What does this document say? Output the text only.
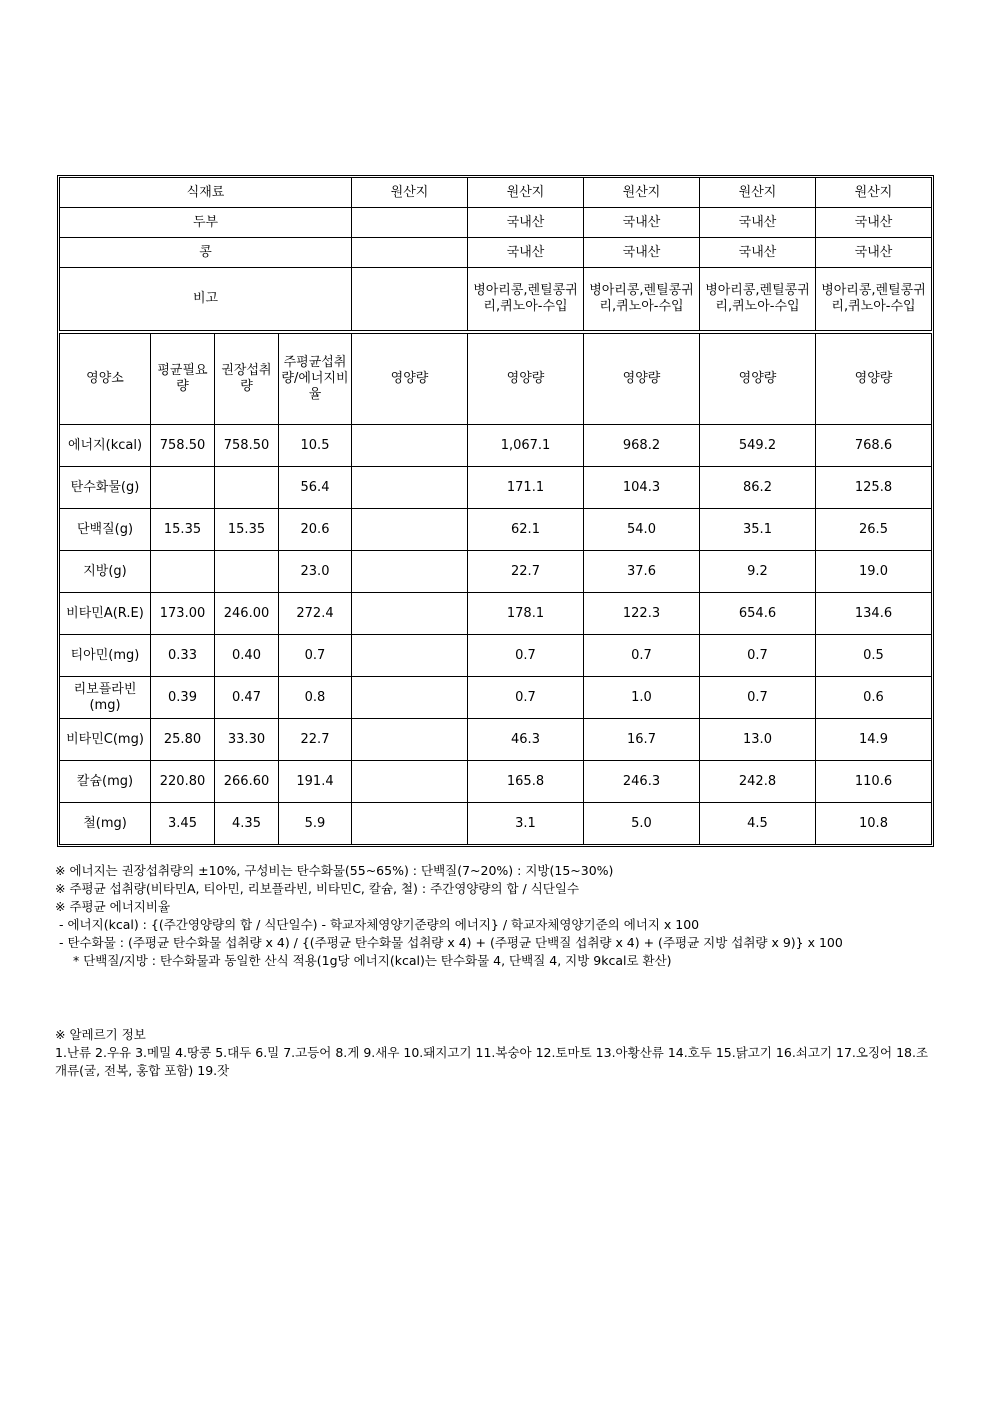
식재료	원산지	원산지	원산지	원산지	원산지
두부		국내산	국내산	국내산	국내산
콩		국내산	국내산	국내산	국내산
비고		병아리콩,렌틸콩귀리,퀴노아-수입	병아리콩,렌틸콩귀리,퀴노아-수입	병아리콩,렌틸콩귀리,퀴노아-수입	병아리콩,렌틸콩귀리,퀴노아-수입
영양소	평균필요량	권장섭취량	주평균섭취량/에너지비율	영양량	영양량	영양량	영양량	영양량
에너지(kcal)	758.50	758.50	10.5		1,067.1	968.2	549.2	768.6
탄수화물(g)			56.4		171.1	104.3	86.2	125.8
단백질(g)	15.35	15.35	20.6		62.1	54.0	35.1	26.5
지방(g)			23.0		22.7	37.6	9.2	19.0
비타민A(R.E)	173.00	246.00	272.4		178.1	122.3	654.6	134.6
티아민(mg)	0.33	0.40	0.7		0.7	0.7	0.7	0.5
리보플라빈(mg)	0.39	0.47	0.8		0.7	1.0	0.7	0.6
비타민C(mg)	25.80	33.30	22.7		46.3	16.7	13.0	14.9
칼슘(mg)	220.80	266.60	191.4		165.8	246.3	242.8	110.6
철(mg)	3.45	4.35	5.9		3.1	5.0	4.5	10.8

※ 에너지는 권장섭취량의 ±10%, 구성비는 탄수화물(55~65%) : 단백질(7~20%) : 지방(15~30%)

※ 주평균 섭취량(비타민A, 티아민, 리보플라빈, 비타민C, 칼슘, 철) : 주간영양량의 합 / 식단일수

※ 주평균 에너지비율

- 에너지(kcal) : {(주간영양량의 합 / 식단일수) - 학교자체영양기준량의 에너지} / 학교자체영양기준의 에너지 x 100

- 탄수화물 : (주평균 탄수화물 섭취량 x 4) / {(주평균 탄수화물 섭취량 x 4) + (주평균 단백질 섭취량 x 4) + (주평균 지방 섭취량 x 9)} x 100

* 단백질/지방 : 탄수화물과 동일한 산식 적용(1g당 에너지(kcal)는 탄수화물 4, 단백질 4, 지방 9kcal로 환산)

※ 알레르기 정보

1.난류 2.우유 3.메밀 4.땅콩 5.대두 6.밀 7.고등어 8.게 9.새우 10.돼지고기 11.복숭아 12.토마토 13.아황산류 14.호두 15.닭고기 16.쇠고기 17.오징어 18.조개류(굴, 전복, 홍합 포함) 19.잣
